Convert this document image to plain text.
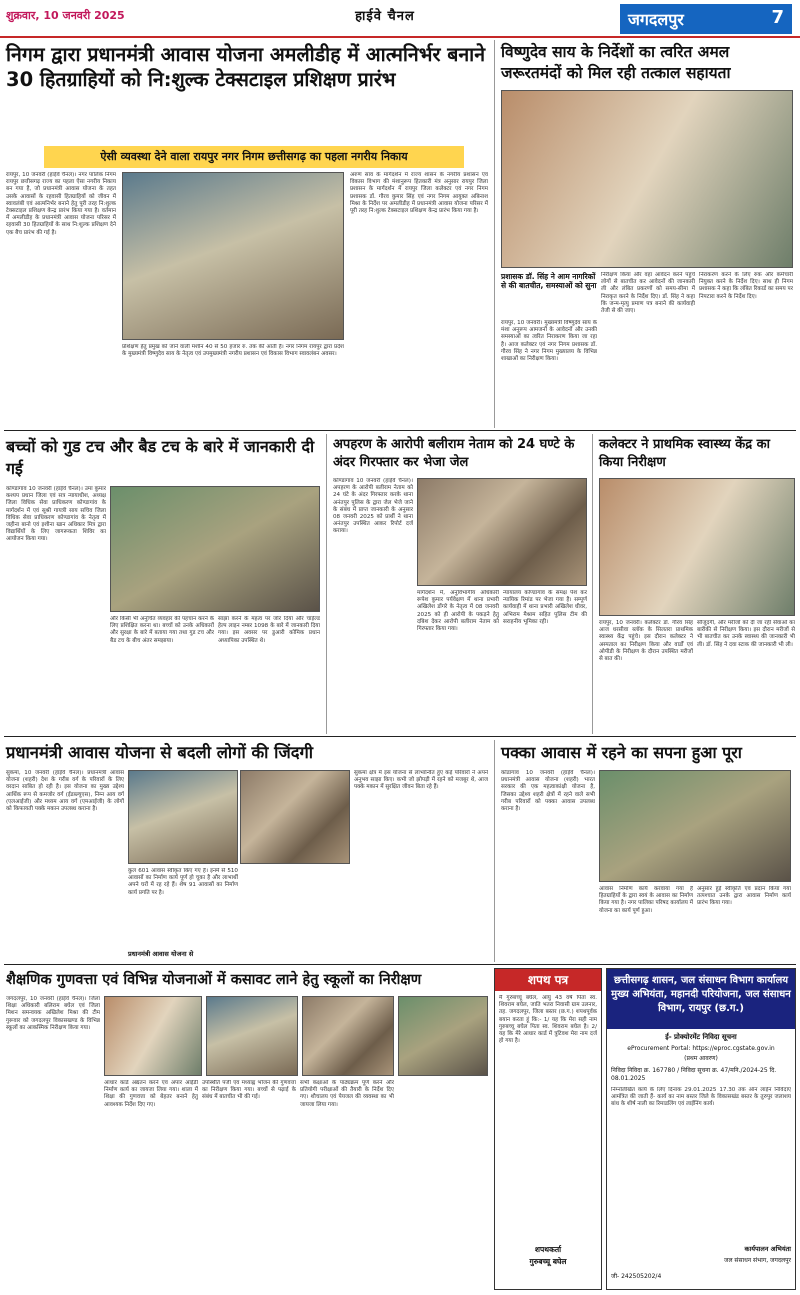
शुक्रवार, 10 जनवरी 2025	हाईवे चैनल	जगदलपुर	7
निगम द्वारा प्रधानमंत्री आवास योजना अमलीडीह में आत्मनिर्भर बनाने 30 हितग्राहियों को नि:शुल्क टेक्सटाइल प्रशिक्षण प्रारंभ
ऐसी व्यवस्था देने वाला रायपुर नगर निगम छत्तीसगढ़ का पहला नगरीय निकाय
रायपुर, 10 जनवरी (हाईवे चैनल)। नगर पालिक निगम रायपुर छत्तीसगढ़ राज्य का पहला ऐसा नगरीय निकाय बन गया है, जो प्रधानमंत्री आवास योजना के तहत उसके आवासों के रहवासी हितग्राहियों को जीवन में स्वावलंबी एवं आत्मनिर्भर बनाने हेतु पूरी तरह नि:शुल्क टेक्सटाइल प्रशिक्षण केन्द्र प्रारंभ किया गया है। वर्तमान में अमलीडीह के प्रधानमंत्री आवास योजना परिसर में रहवासी 30 हितग्राहियों के साथ नि:शुल्क प्रशिक्षण देने एक बैच प्रारंभ की गई है।
प्रशिक्षण हेतु प्रमुख को जाने वाली मशीन 40 से 50 हजार रु. तक की आती है। नगर निगम रायपुर द्वारा प्रदेश के मुख्यमंत्री विष्णुदेव साय के नेतृत्व एवं उपमुख्यमंत्री नगरीय प्रशासन एवं विकास विभाग स्वावलंबन अवसर।
अरुण साव के मार्गदर्शन में राज्य शासन के नगरीय प्रशासन एवं विकास विभाग की मंशानुरूप हितकारी मंत्र अनुसार रायपुर जिला प्रशासन के मार्गदर्शन में रायपुर जिला कलेक्टर एवं नगर निगम प्रशासक डॉ. गौरव कुमार सिंह एवं नगर निगम आयुक्त अबिनाश मिश्रा के निर्देश पर अमलीडीह में प्रधानमंत्री आवास योजना परिसर में पूरी तरह नि:शुल्क टेक्सटाइल प्रशिक्षण केन्द्र प्रारंभ किया गया है।
विष्णुदेव साय के निर्देशों का त्वरित अमल जरूरतमंदों को मिल रही तत्काल सहायता
प्रशासक डॉ. सिंह ने आम नागरिकों से की बातचीत, समस्याओं को सुना
रायपुर, 10 जनवरी। मुख्यमंत्री विष्णुदेव साय के मंशा अनुरूप आमजनों के आवेदनों और उनकी समस्याओं का त्वरित निराकरण किया जा रहा है। आज कलेक्टर एवं नगर निगम प्रशासक डॉ. गौरव सिंह ने नगर निगम मुख्यालय के विभिन्न शाखाओं का निरीक्षण किया।
निरीक्षण किया और वहां आवेदन करने पहुंचे लोगों से बातचीत कर आवेदनों की जानकारी ली और लंबित प्रकरणों को समय-सीमा में निराकृत करने के निर्देश दिए। डॉ. सिंह ने कहा कि जन्म-मृत्यु प्रमाण पत्र बनाने की कार्यवाही तेजी से की जाए।
निराकरण करने के लिए रुक और कर्मचारी नियुक्त करने के निर्देश दिए। साथ ही निगम प्रशासक ने कहा कि लंबित रिकार्ड का समय पर निपटारा करने के निर्देश दिए।
बच्चों को गुड टच और बैड टच के बारे में जानकारी दी गई
कोण्डागांव 10 जनवरी (हाईवे चैनल)। उमा कुमार कश्यप प्रधान जिला एवं सत्र न्यायाधीश, अध्यक्ष जिला विधिक सेवा प्राधिकरण कोण्डागांव के मार्गदर्शन में एवं सूश्री गायत्री साय सचिव जिला विधिक सेवा प्राधिकरण कोण्डागांव के नेतृत्व में जहीना बानो एवं इशीना खान अधिकार मित्र द्वारा विद्यार्थियों के लिए जागरूकता शिविर का आयोजन किया गया।
और किसी भी अनुचित व्यवहार की पहचान करने के लिए प्रशिक्षित करना था। बच्चों को उनके अधिकारों और सुरक्षा के बारे में बताया गया तथा गुड टच और बैड टच के बीच अंतर समझाया।
साझा करने के महत्व पर जोर दिया और चाईल्ड हेल्प लाइन नम्बर 1098 के बारे में जानकारी दिया गया। इस अवसर पर डुआरी कोमिक प्रधान अध्यापिका उपस्थित थे।
अपहरण के आरोपी बलीराम नेताम को 24 घण्टे के अंदर गिरफ्तार कर भेजा जेल
कोण्डागांव 10 जनवरी (हाईवे चैनल)। अपहरण के आरोपी बलीराम नेताम को 24 घंटे के अंदर गिरफ्तार करके थाना अनंतपुर पुलिस के द्वारा जेल भेजे जाने के संबंध में प्राप्त जानकारी के अनुसार 08 जनवरी 2025 को प्रार्थी ने थाना अनंतपुर उपस्थित आकर रिपोर्ट दर्ज कराया।
मार्गदर्शन में, अनुविभागीय अधिकारी रूपेश कुमार पर्यवेक्षण में थाना प्रभारी अखिलेश डोंगरे के नेतृत्व में 08 जनवरी 2025 को ही आरोपी के पकड़ने हेतु दबिश देकर आरोपी बलीराम नेताम को गिरफ्तार किया गया।
न्यायालय कोण्डागांव के समक्ष पेश कर न्यायिक रिमांड पर भेजा गया है। सम्पूर्ण कार्यवाही में थाना प्रभारी अखिलेश धीवर, अभिराम मैश्राम सहित पुलिस टीम की सराहनीय भूमिका रही।
कलेक्टर ने प्राथमिक स्वास्थ्य केंद्र का किया निरीक्षण
रायपुर, 10 जनवरी। कलेक्टर डॉ. गौरव सिंह आज धरसीवा ब्लॉक के सिलतरा प्राथमिक स्वास्थ्य केंद्र पहुंचे। इस दौरान कलेक्टर ने अस्पताल का निरीक्षण किया और वार्डों एवं ओपीडी के निरीक्षण के दौरान उपस्थित मरीजों से बात की।
सौजूदगी, और मरीजों को दी जा रही सेवाओं का बारीकी से निरीक्षण किया। इस दौरान मरीजों से भी बातचीत कर उनके स्वास्थ्य की जानकारी भी ली। डॉ. सिंह ने दवा स्टाक की जानकारी भी ली।
प्रधानमंत्री आवास योजना से बदली लोगों की जिंदगी
सुकमा, 10 जनवरी (हाईवे चैनल)। प्रधानमंत्री आवास योजना (शहरी) देश के गरीब वर्ग के परिवारों के लिए वरदान साबित हो रही है। इस योजना का मुख्य उद्देश्य आर्थिक रूप से कमजोर वर्ग (ईडब्ल्यूएस), निम्न आय वर्ग (एलआईजी) और मध्यम आय वर्ग (एमआईजी) के लोगों को किफायती पक्के मकान उपलब्ध कराना है।
कुल 601 आवास स्वीकृत किए गए हैं। इनमें से 510 आवासों का निर्माण कार्य पूर्ण हो चुका है और लाभार्थी अपने घरों में रह रहे हैं। शेष 91 आवासों का निर्माण कार्य प्रगति पर है।
प्रधानमंत्री आवास योजना से
सुकमा क्षेत्र में इस योजना से लाभान्वित हुए कई परिवारों ने अपने अनुभव साझा किए। कभी जो झोपड़ी में रहने को मजबूर थे, आज पक्के मकान में सुरक्षित जीवन बिता रहे हैं।
पक्का आवास में रहने का सपना हुआ पूरा
कोंडागांव 10 जनवरी (हाईवे चैनल)। प्रधानमंत्री आवास योजना (शहरी) भारत सरकार की एक महत्वाकांक्षी योजना है, जिसका उद्देश्य शहरी क्षेत्रों में रहने वाले सभी गरीब परिवारों को पक्का आवास उपलब्ध कराना है।
आवास निर्माण कार्य करवाया गया है हितग्राहियों के द्वारा स्वयं के आवास का निर्माण किया गया है। नगर पालिका परिषद कार्यालय में योजना का कार्य पूर्ण हुआ।
अनुसार हुई स्वीकृति एवं प्रदान किया गया तत्पश्चात उनके द्वारा आवास निर्माण कार्य प्रारंभ किया गया।
शैक्षणिक गुणवत्ता एवं विभिन्न योजनाओं में कसावट लाने हेतु स्कूलों का निरीक्षण
जगदलपुर, 10 जनवरी (हाईवे चैनल)। जिला शिक्षा अधिकारी बलिराम बघेल एवं जिला मिशन समन्वयक अखिलेश मिश्रा की टीम गुरूवार को जगदलपुर विकासखण्ड के विभिन्न स्कूलों का आकस्मिक निरीक्षण किया गया।
आधार कार्ड अद्यतन करने एवं अपार आईडी निर्माण कार्य का जायजा लिया गया। शाला में शिक्षा की गुणवत्ता को बेहतर बनाने हेतु आवश्यक निर्देश दिए गए।
उपस्थिति पंजी एवं मध्याह्न भोजन की गुणवत्ता का निरीक्षण किया गया। बच्चों से पढ़ाई के संबंध में बातचीत भी की गई।
सभी कक्षाओं के पाठ्यक्रम पूर्ण करने और प्रतियोगी परीक्षाओं की तैयारी के निर्देश दिए गए। शौचालय एवं पेयजल की व्यवस्था का भी जायजा लिया गया।
शपथ पत्र
मैं गुरुबच्चू बघेल, आयु 43 वर्ष पिता स्व. शिवराम बघेल, जाति भतरा निवासी ग्राम उलनार, तह. जगदलपुर, जिला बस्तर (छ.ग.) शपथपूर्वक बयान करता हूं कि:- 1/ यह कि मेरा सही नाम गुरुबच्चू बघेल पिता स्व. शिवराम बघेल है। 2/ यह कि मेरे आधार कार्ड में त्रुटिवश मेरा नाम दर्ज हो गया है।
शपथकर्ता
गुरुबच्चू बघेल
छत्तीसगढ़ शासन, जल संसाधन विभाग कार्यालय मुख्य अभियंता, महानदी परियोजना, जल संसाधन विभाग, रायपुर (छ.ग.)
ई- प्रोक्योरमेंट निविदा सूचना
eProcurement Portal: https://eproc.cgstate.gov.in
(प्रथम आवरण)
निविदा निविदा क्र. 167780 / निविदा सूचना क्र. 47/मनि./2024-25 दि. 08.01.2025
निम्नलिखित कार्य के लिए दिनांक 29.01.2025 17.30 तक ऑन लाईन निविदाएं आमंत्रित की जाती हैं- कार्य का नाम बस्तर जिले के विकासखंड बस्तर के तुरुपुर जलाशय बांध के शीर्ष नाली का रिमाडलिंग एवं लाईनिंग कार्य।
कार्यपालन अभियंता
जल संसाधन संभाग, जगदलपुर
जी- 242505202/4
